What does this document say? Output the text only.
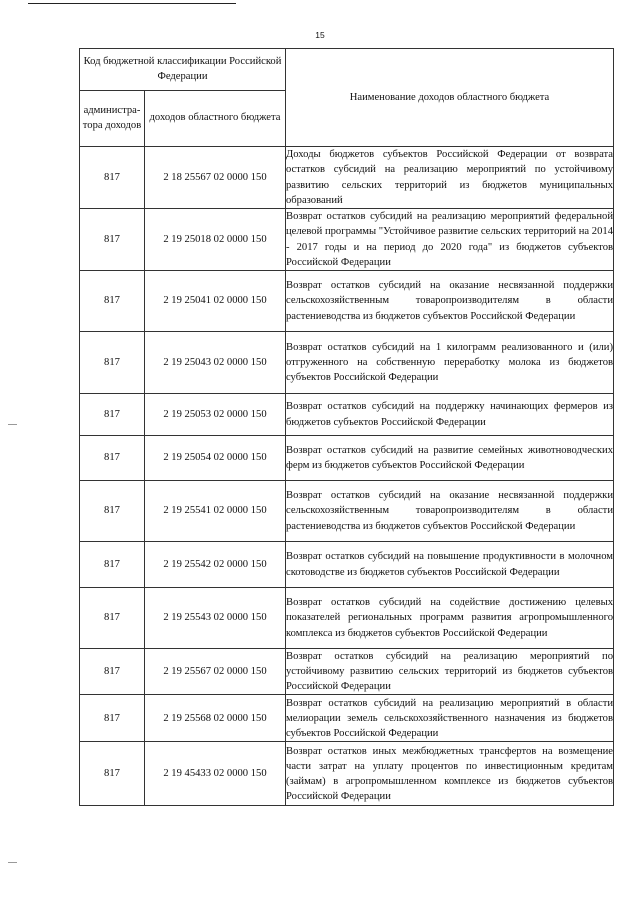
15
Код бюджетной классификации Российской Федерации		Наименование доходов областного бюджета
администра-тора доходов	доходов областного бюджета	
817	2 18 25567 02 0000 150	Доходы бюджетов субъектов Российской Федерации от возврата остатков субсидий на реализацию мероприятий по устойчивому развитию сельских территорий из бюджетов муниципальных образований
817	2 19 25018 02 0000 150	Возврат остатков субсидий на реализацию мероприятий федеральной целевой программы "Устойчивое развитие сельских территорий на 2014 - 2017 годы и на период до 2020 года" из бюджетов субъектов Российской Федерации
817	2 19 25041 02 0000 150	Возврат остатков субсидий на оказание несвязанной поддержки сельскохозяйственным товаропроизводителям в области растениеводства из бюджетов субъектов Российской Федерации
817	2 19 25043 02 0000 150	Возврат остатков субсидий на 1 килограмм реализованного и (или) отгруженного на собственную переработку молока из бюджетов субъектов Российской Федерации
817	2 19 25053 02 0000 150	Возврат остатков субсидий на поддержку начинающих фермеров из бюджетов субъектов Российской Федерации
817	2 19 25054 02 0000 150	Возврат остатков субсидий на развитие семейных животноводческих ферм из бюджетов субъектов Российской Федерации
817	2 19 25541 02 0000 150	Возврат остатков субсидий на оказание несвязанной поддержки сельскохозяйственным товаропроизводителям в области растениеводства из бюджетов субъектов Российской Федерации
817	2 19 25542 02 0000 150	Возврат остатков субсидий на повышение продуктивности в молочном скотоводстве из бюджетов субъектов Российской Федерации
817	2 19 25543 02 0000 150	Возврат остатков субсидий на содействие достижению целевых показателей региональных программ развития агропромышленного комплекса из бюджетов субъектов Российской Федерации
817	2 19 25567 02 0000 150	Возврат остатков субсидий на реализацию мероприятий по устойчивому развитию сельских территорий из бюджетов субъектов Российской Федерации
817	2 19 25568 02 0000 150	Возврат остатков субсидий на реализацию мероприятий в области мелиорации земель сельскохозяйственного назначения из бюджетов субъектов Российской Федерации
817	2 19 45433 02 0000 150	Возврат остатков иных межбюджетных трансфертов на возмещение части затрат на уплату процентов по инвестиционным кредитам (займам) в агропромышленном комплексе из бюджетов субъектов Российской Федерации
